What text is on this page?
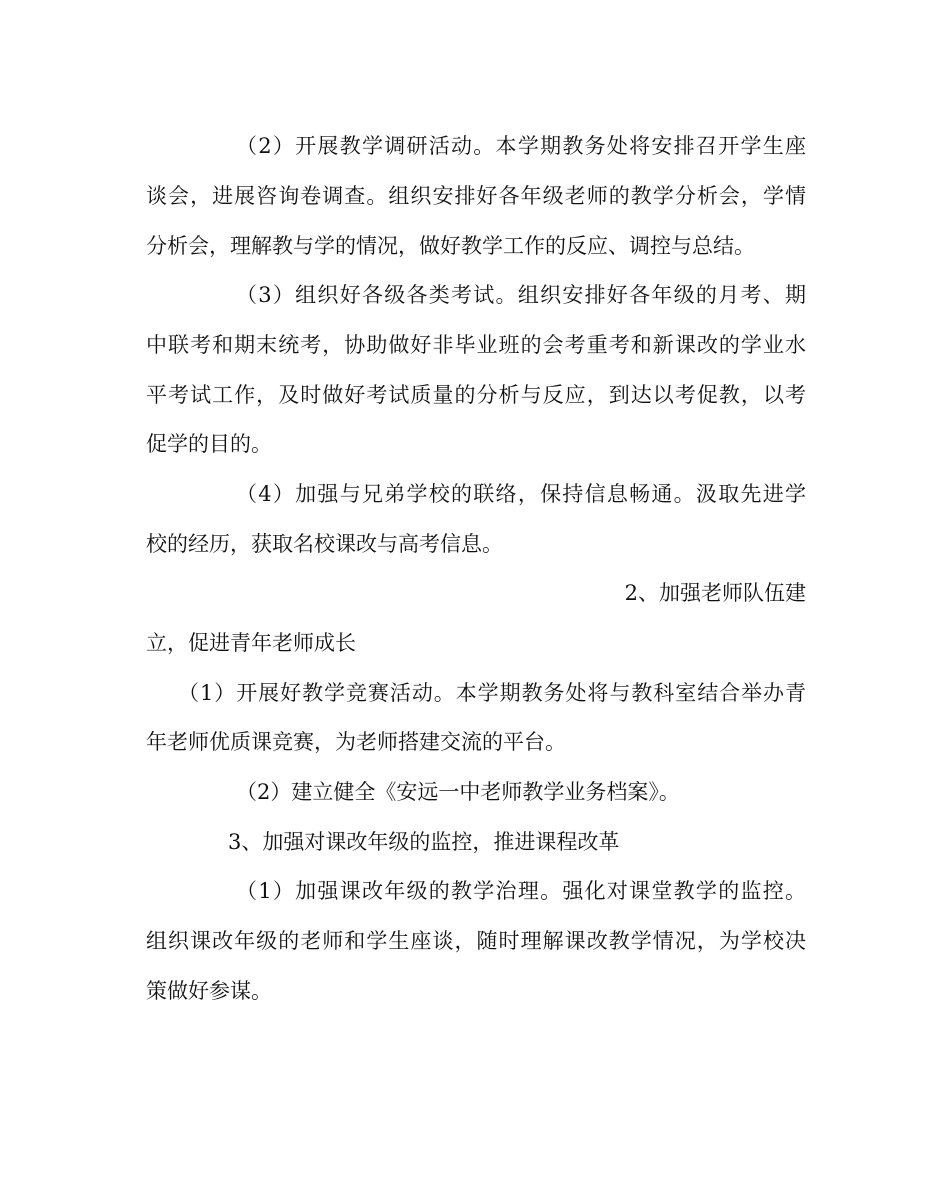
（2）开展教学调研活动。本学期教务处将安排召开学生座
谈会，进展咨询卷调查。组织安排好各年级老师的教学分析会，学情
分析会，理解教与学的情况，做好教学工作的反应、调控与总结。
（3）组织好各级各类考试。组织安排好各年级的月考、期
中联考和期末统考，协助做好非毕业班的会考重考和新课改的学业水
平考试工作，及时做好考试质量的分析与反应，到达以考促教，以考
促学的目的。
（4）加强与兄弟学校的联络，保持信息畅通。汲取先进学
校的经历，获取名校课改与高考信息。
2、加强老师队伍建
立，促进青年老师成长
（1）开展好教学竞赛活动。本学期教务处将与教科室结合举办青
年老师优质课竞赛，为老师搭建交流的平台。
（2）建立健全《安远一中老师教学业务档案》。
3、加强对课改年级的监控，推进课程改革
（1）加强课改年级的教学治理。强化对课堂教学的监控。
组织课改年级的老师和学生座谈，随时理解课改教学情况，为学校决
策做好参谋。
